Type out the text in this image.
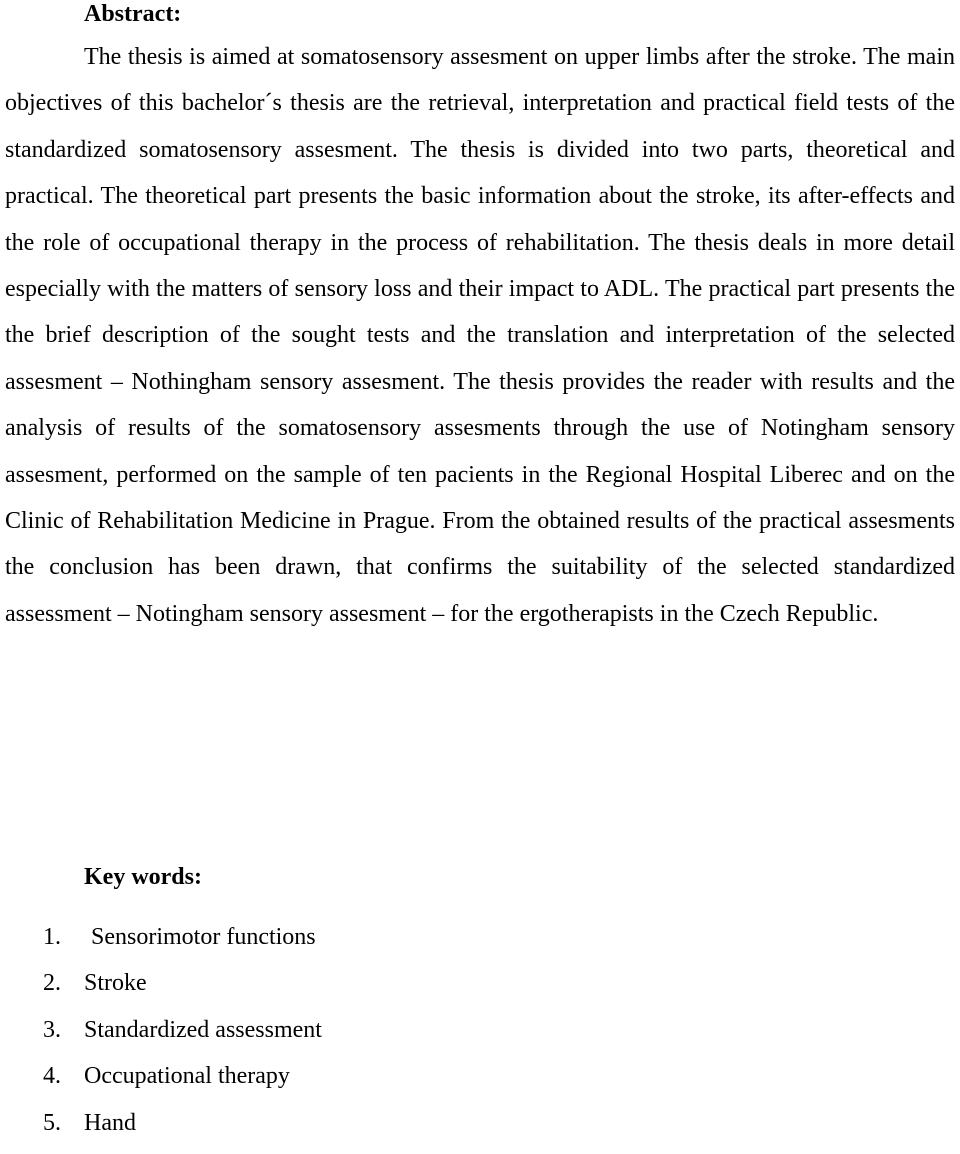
Abstract:

The thesis is aimed at somatosensory assesment on upper limbs after the stroke. The main objectives of this bachelor´s thesis are the retrieval, interpretation and practical field tests of the standardized somatosensory assesment. The thesis is divided into two parts, theoretical and practical. The theoretical part presents the basic information about the stroke, its after-effects and the role of occupational therapy in the process of rehabilitation. The thesis deals in more detail especially with the matters of sensory loss and their impact to ADL. The practical part presents the the brief description of the sought tests and the translation and interpretation of the selected assesment – Nothingham sensory assesment. The thesis provides the reader with results and the analysis of results of the somatosensory assesments through the use of Notingham sensory assesment, performed on the sample of ten pacients in the Regional Hospital Liberec and on the Clinic of Rehabilitation Medicine in Prague. From the obtained results of the practical assesments the conclusion has been drawn, that confirms the suitability of the selected standardized assessment – Notingham sensory assesment – for the ergotherapists in the Czech Republic.

Key words:
1. Sensorimotor functions
2. Stroke
3. Standardized assessment
4. Occupational therapy
5. Hand
